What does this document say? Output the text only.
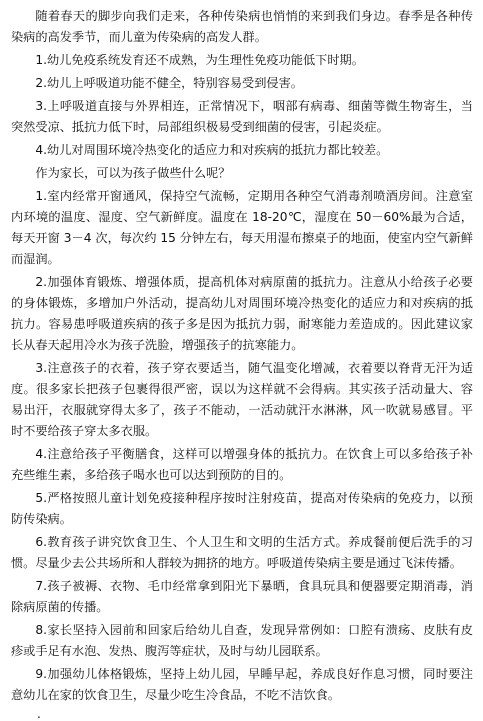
随着春天的脚步向我们走来，各种传染病也悄悄的来到我们身边。春季是各种传染病的高发季节，而儿童为传染病的高发人群。

1.幼儿免疫系统发育还不成熟，为生理性免疫功能低下时期。

2.幼儿上呼吸道功能不健全，特别容易受到侵害。

3.上呼吸道直接与外界相连，正常情况下，咽部有病毒、细菌等微生物寄生，当突然受凉、抵抗力低下时，局部组织极易受到细菌的侵害，引起炎症。

4.幼儿对周围环境冷热变化的适应力和对疾病的抵抗力都比较差。

作为家长，可以为孩子做些什么呢？

1.室内经常开窗通风，保持空气流畅，定期用各种空气消毒剂喷酒房间。注意室内环境的温度、湿度、空气新鲜度。温度在 18-20℃，湿度在 50－60%最为合适，每天开窗 3－4 次，每次约 15 分钟左右，每天用湿布擦桌子的地面，使室内空气新鲜而湿润。

2.加强体育锻炼、增强体质，提高机体对病原菌的抵抗力。注意从小给孩子必要的身体锻炼，多增加户外活动，提高幼儿对周围环境冷热变化的适应力和对疾病的抵抗力。容易患呼吸道疾病的孩子多是因为抵抗力弱，耐寒能力差造成的。因此建议家长从春天起用冷水为孩子洗脸，增强孩子的抗寒能力。

3.注意孩子的衣着，孩子穿衣要适当，随气温变化增减，衣着要以脊背无汗为适度。很多家长把孩子包裹得很严密，误以为这样就不会得病。其实孩子活动量大、容易出汗，衣服就穿得太多了，孩子不能动，一活动就汗水淋淋，风一吹就易感冒。平时不要给孩子穿太多衣服。

4.注意给孩子平衡膳食，这样可以增强身体的抵抗力。在饮食上可以多给孩子补充些维生素，多给孩子喝水也可以达到预防的目的。

5.严格按照儿童计划免疫接种程序按时注射疫苗，提高对传染病的免疫力，以预防传染病。

6.教育孩子讲究饮食卫生、个人卫生和文明的生活方式。养成餐前便后洗手的习惯。尽量少去公共场所和人群较为拥挤的地方。呼吸道传染病主要是通过飞沫传播。

7.孩子被褥、衣物、毛巾经常拿到阳光下暴晒，食具玩具和便器要定期消毒，消除病原菌的传播。

8.家长坚持入园前和回家后给幼儿自查，发现异常例如：口腔有溃疡、皮肤有皮疹或手足有水泡、发热、腹泻等症状，及时与幼儿园联系。

9.加强幼儿体格锻炼，坚持上幼儿园，早睡早起，养成良好作息习惯，同时要注意幼儿在家的饮食卫生，尽量少吃生冷食品，不吃不洁饮食。

.
